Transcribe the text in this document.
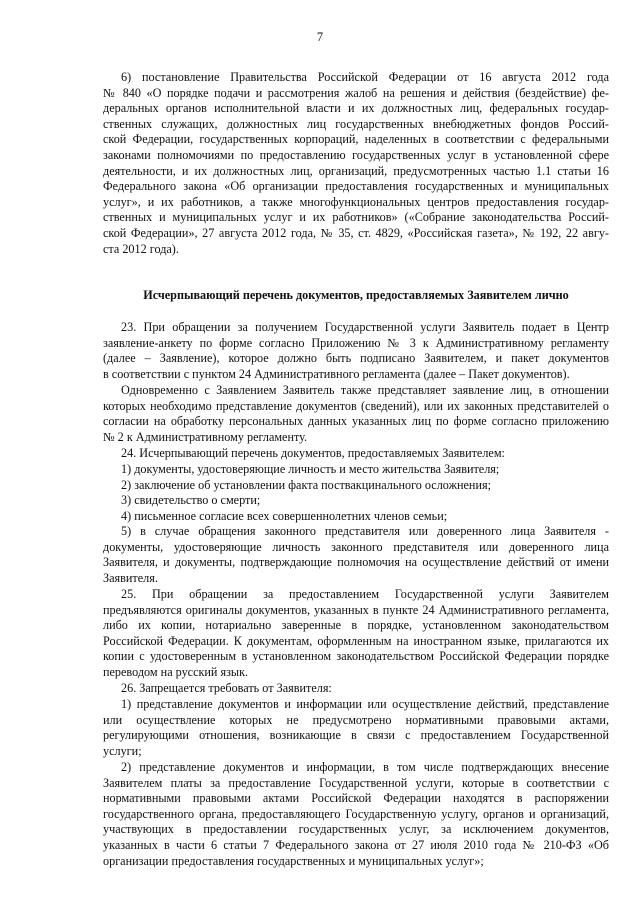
7
6) постановление Правительства Российской Федерации от 16 августа 2012 года
№ 840 «О порядке подачи и рассмотрения жалоб на решения и действия (бездействие) фе-
деральных органов исполнительной власти и их должностных лиц, федеральных государ-
ственных служащих, должностных лиц государственных внебюджетных фондов Россий-
ской Федерации, государственных корпораций, наделенных в соответствии с федеральными
законами полномочиями по предоставлению государственных услуг в установленной сфере
деятельности, и их должностных лиц, организаций, предусмотренных частью 1.1 статьи 16
Федерального закона «Об организации предоставления государственных и муниципальных
услуг», и их работников, а также многофункциональных центров предоставления государ-
ственных и муниципальных услуг и их работников» («Собрание законодательства Россий-
ской Федерации», 27 августа 2012 года, № 35, ст. 4829, «Российская газета», № 192, 22 авгу-
ста 2012 года).
Исчерпывающий перечень документов, предоставляемых Заявителем лично
23. При обращении за получением Государственной услуги Заявитель подает в Центр
заявление-анкету по форме согласно Приложению № 3 к Административному регламенту
(далее – Заявление), которое должно быть подписано Заявителем, и пакет документов
в соответствии с пунктом 24 Административного регламента (далее – Пакет документов).
Одновременно с Заявлением Заявитель также представляет заявление лиц, в отношении
которых необходимо представление документов (сведений), или их законных представителей о
согласии на обработку персональных данных указанных лиц по форме согласно приложению
№ 2 к Административному регламенту.
24. Исчерпывающий перечень документов, предоставляемых Заявителем:
1) документы, удостоверяющие личность и место жительства Заявителя;
2) заключение об установлении факта поствакцинального осложнения;
3) свидетельство о смерти;
4) письменное согласие всех совершеннолетних членов семьи;
5) в случае обращения законного представителя или доверенного лица Заявителя -
документы, удостоверяющие личность законного представителя или доверенного лица
Заявителя, и документы, подтверждающие полномочия на осуществление действий от имени
Заявителя.
25. При обращении за предоставлением Государственной услуги Заявителем
предъявляются оригиналы документов, указанных в пункте 24 Административного регламента,
либо их копии, нотариально заверенные в порядке, установленном законодательством
Российской Федерации. К документам, оформленным на иностранном языке, прилагаются их
копии с удостоверенным в установленном законодательством Российской Федерации порядке
переводом на русский язык.
26. Запрещается требовать от Заявителя:
1) представление документов и информации или осуществление действий, представление
или осуществление которых не предусмотрено нормативными правовыми актами,
регулирующими отношения, возникающие в связи с предоставлением Государственной
услуги;
2) представление документов и информации, в том числе подтверждающих внесение
Заявителем платы за предоставление Государственной услуги, которые в соответствии с
нормативными правовыми актами Российской Федерации находятся в распоряжении
государственного органа, предоставляющего Государственную услугу, органов и организаций,
участвующих в предоставлении государственных услуг, за исключением документов,
указанных в части 6 статьи 7 Федерального закона от 27 июля 2010 года № 210-ФЗ «Об
организации предоставления государственных и муниципальных услуг»;
